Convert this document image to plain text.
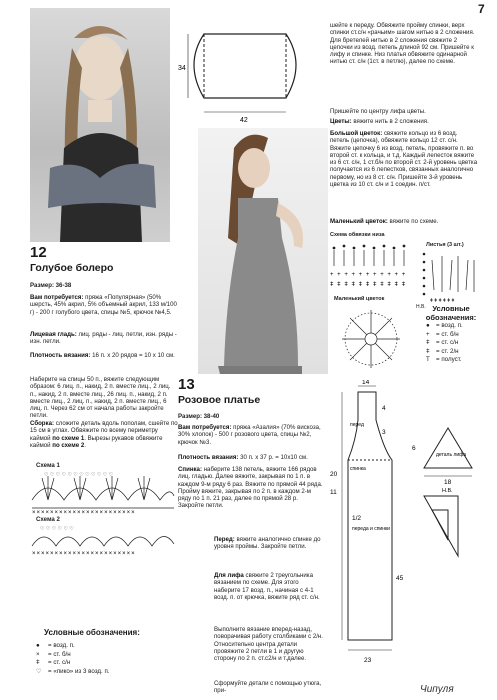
7
34
42
12
Голубое болеро
Размер: 36-38
Вам потребуется: пряжа «Популярная» (50% шерсть, 45% акрил, 5% объемный акрил, 133 м/100 г) - 200 г голубого цвета, спицы №5, крючок №4,5.
Лицевая гладь: лиц. ряды - лиц. петли, изн. ряды - изн. петли.
Плотность вязания: 16 п. х 20 рядов = 10 х 10 см.
Наберите на спицы 50 п., вяжите следующим образом: 6 лиц. п., накид, 2 п. вместе лиц., 2 лиц. п., накид, 2 п. вместе лиц., 26 лиц. п., накид, 2 п. вместе лиц., 2 лиц. п., накид, 2 п. вместе лиц., 6 лиц. п. Через 62 см от начала работы закройте петли.
Сборка: сложите деталь вдоль пополам, сшейте по 15 см в углах. Обвяжите по всему периметру каймой по схеме 1. Вырезы рукавов обвяжите каймой по схеме 2.
Схема 1
×××××××××××××××××××××××
♡ ♡ ♡ ♡ ♡ ♡ ♡ ♡ ♡ ♡ ♡ ♡
Схема 2
×××××××××××××××××××××××
♡ ♡ ♡ ♡ ♡ ♡
Условные обозначения:
● = возд. п.
× = ст. б/н
ǂ = ст. с/н
♡ = «пико» из 3 возд. п.
13
Розовое платье
Размер: 38-40
Вам потребуется: пряжа «Азалия» (70% вискоза, 30% хлопок) - 500 г розового цвета, спицы №2, крючок №3.
Плотность вязания: 30 п. х 37 р. = 10х10 см.
Спинка: наберите 138 петель, вяжите 166 рядов лиц. гладью. Далее вяжите, закрывая по 1 п. в каждом 9-м ряду 6 раз. Вяжите по прямой 44 ряда. Пройму вяжите, закрывая по 2 п. в каждом 2-м ряду по 1 п. 21 раз, далее по прямой 28 р. Закройте петли.
Перед: вяжите аналогично спинке до уровня проймы. Закройте петли.
Для лифа свяжите 2 треугольника вязанием по схеме. Для этого наберите 17 возд. п., начиная с 4-1 возд. п. от крючка, вяжите ряд ст. с/н.
Выполните вязание вперед-назад, поворачивая работу столбиками с 2/н. Относительно центра детали провяжите 2 петли в 1 и другую сторону по 2 п. ст.с2/н и т.далее.
Сформуйте детали с помощью утюга, при-
шейте к переду. Обвяжите пройму спинки, верх спинки ст.с/н «рачьим» шагом нитью в 2 сложения. Для бретелей нитью в 2 сложения свяжите 2 цепочки из возд. петель длиной 92 см. Пришейте к лифу и спинке. Низ платья обвяжите одинарной нитью ст. с/н (1ст. в петлю), далее по схеме.
Пришейте по центру лифа цветы.
Цветы: вяжите нить в 2 сложения.
Большой цветок: свяжите кольцо из 6 возд. петель (цепочка), обвяжите кольцо 12 ст. с/н. Вяжите цепочку 6 из возд. петель, провяжите п. во второй ст. к кольца, и т.д. Каждый лепесток вяжите из 6 ст. с/н, 1 ст.б/н по второй ст. 2-й уровень цветка получается из 6 лепестков, связанных аналогично первому, но из 8 ст. с/н. Пришейте 3-й уровень цветка из 10 ст. с/н и 1 соедин. п/ст.
Маленький цветок: вяжите по схеме.
Схема обвязки низа
+ + + + + + + + + + +
ǂ ǂ ǂ ǂ ǂ ǂ ǂ ǂ ǂ ǂ ǂ
Листья (3 шт.)
ǂ ǂ ǂ ǂ ǂ ǂ
Н.В.
Маленький цветок
Условные обозначения:
● = возд. п.
+ = ст. б/н
ǂ = ст. с/н
ǂ = ст. 2/н
T = полуст.
14
4
3
перед
спинка
20
11
1/2
переда и спинки
45
23
деталь лифа
18
6
Н.В.
Чипуля
